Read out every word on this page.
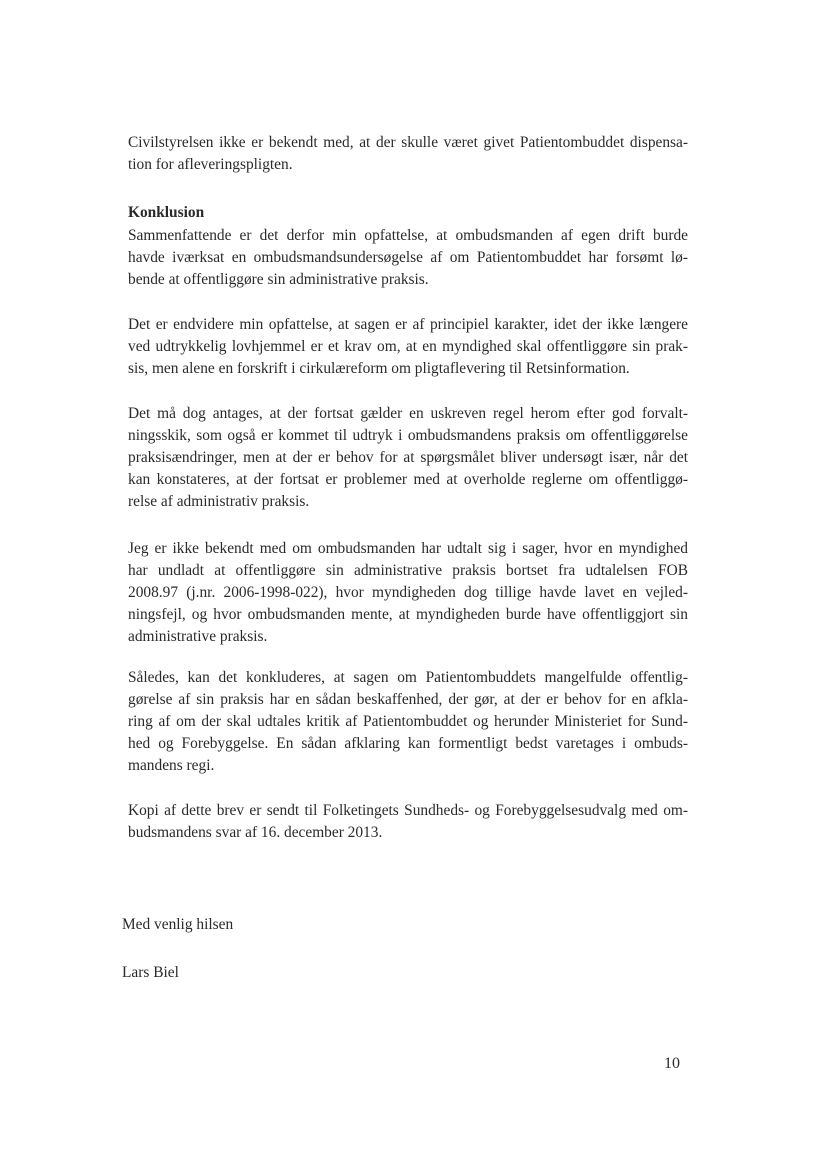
Civilstyrelsen ikke er bekendt med, at der skulle været givet Patientombuddet dispensa-
tion for afleveringspligten.
Konklusion
Sammenfattende er det derfor min opfattelse, at ombudsmanden af egen drift burde
havde iværksat en ombudsmandsundersøgelse af om Patientombuddet har forsømt lø-
bende at offentliggøre sin administrative praksis.
Det er endvidere min opfattelse, at sagen er af principiel karakter, idet der ikke længere
ved udtrykkelig lovhjemmel er et krav om, at en myndighed skal offentliggøre sin prak-
sis, men alene en forskrift i cirkulæreform om pligtaflevering til Retsinformation.
Det må dog antages, at der fortsat gælder en uskreven regel herom efter god forvalt-
ningsskik, som også er kommet til udtryk i ombudsmandens praksis om offentliggørelse
praksisændringer, men at der er behov for at spørgsmålet bliver undersøgt især, når det
kan konstateres, at der fortsat er problemer med at overholde reglerne om offentliggø-
relse af administrativ praksis.
Jeg er ikke bekendt med om ombudsmanden har udtalt sig i sager, hvor en myndighed
har undladt at offentliggøre sin administrative praksis bortset fra udtalelsen FOB
2008.97 (j.nr. 2006-1998-022), hvor myndigheden dog tillige havde lavet en vejled-
ningsfejl, og hvor ombudsmanden mente, at myndigheden burde have offentliggjort sin
administrative praksis.
Således, kan det konkluderes, at sagen om Patientombuddets mangelfulde offentlig-
gørelse af sin praksis har en sådan beskaffenhed, der gør, at der er behov for en afkla-
ring af om der skal udtales kritik af Patientombuddet og herunder Ministeriet for Sund-
hed og Forebyggelse. En sådan afklaring kan formentligt bedst varetages i ombuds-
mandens regi.
Kopi af dette brev er sendt til Folketingets Sundheds- og Forebyggelsesudvalg med om-
budsmandens svar af 16. december 2013.
Med venlig hilsen
Lars Biel
10
